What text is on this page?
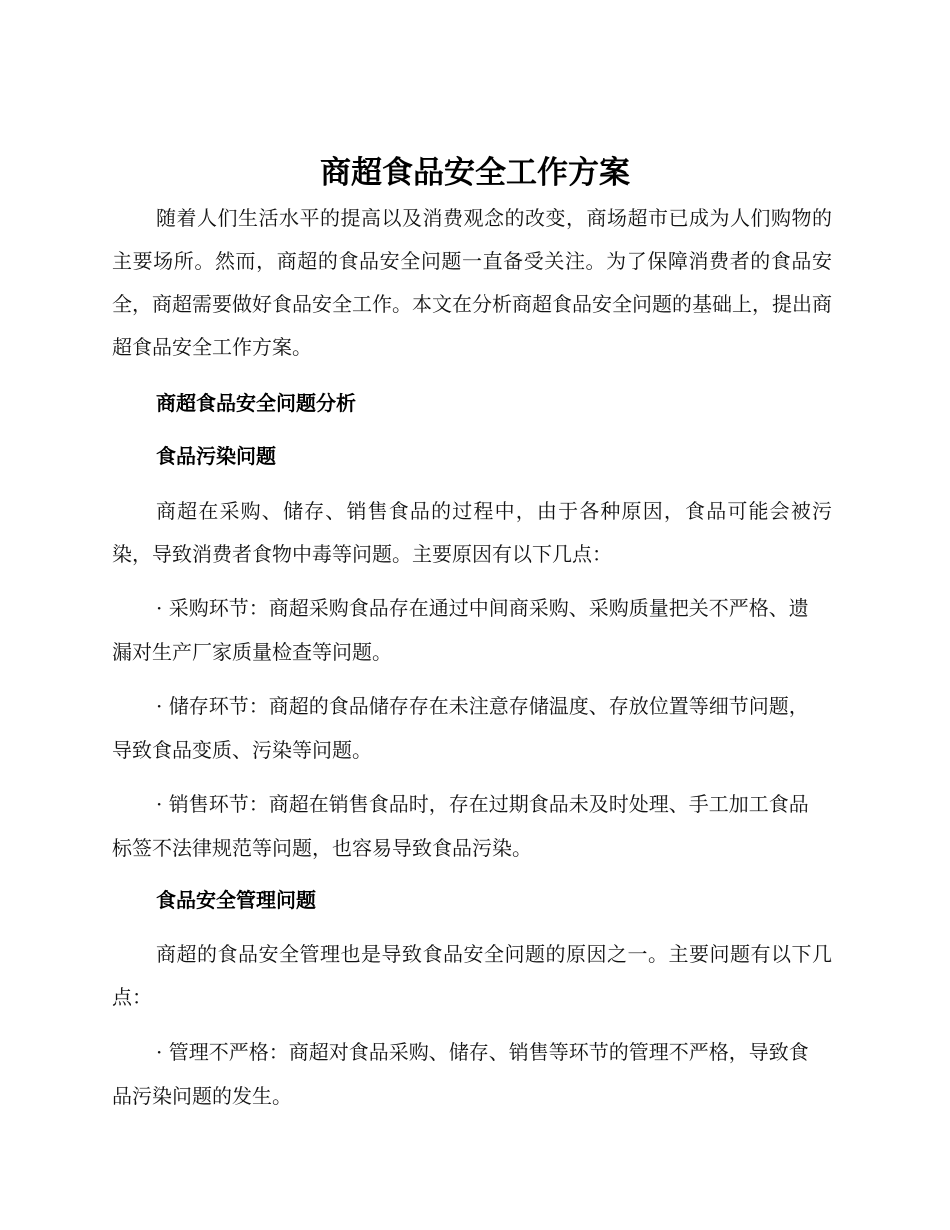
商超食品安全工作方案

随着人们生活水平的提高以及消费观念的改变，商场超市已成为人们购物的主要场所。然而，商超的食品安全问题一直备受关注。为了保障消费者的食品安全，商超需要做好食品安全工作。本文在分析商超食品安全问题的基础上，提出商超食品安全工作方案。

商超食品安全问题分析
食品污染问题

商超在采购、储存、销售食品的过程中，由于各种原因，食品可能会被污染，导致消费者食物中毒等问题。主要原因有以下几点：

· 采购环节：商超采购食品存在通过中间商采购、采购质量把关不严格、遗漏对生产厂家质量检查等问题。

· 储存环节：商超的食品储存存在未注意存储温度、存放位置等细节问题，导致食品变质、污染等问题。

· 销售环节：商超在销售食品时，存在过期食品未及时处理、手工加工食品标签不法律规范等问题，也容易导致食品污染。

食品安全管理问题

商超的食品安全管理也是导致食品安全问题的原因之一。主要问题有以下几点：

· 管理不严格：商超对食品采购、储存、销售等环节的管理不严格，导致食品污染问题的发生。
